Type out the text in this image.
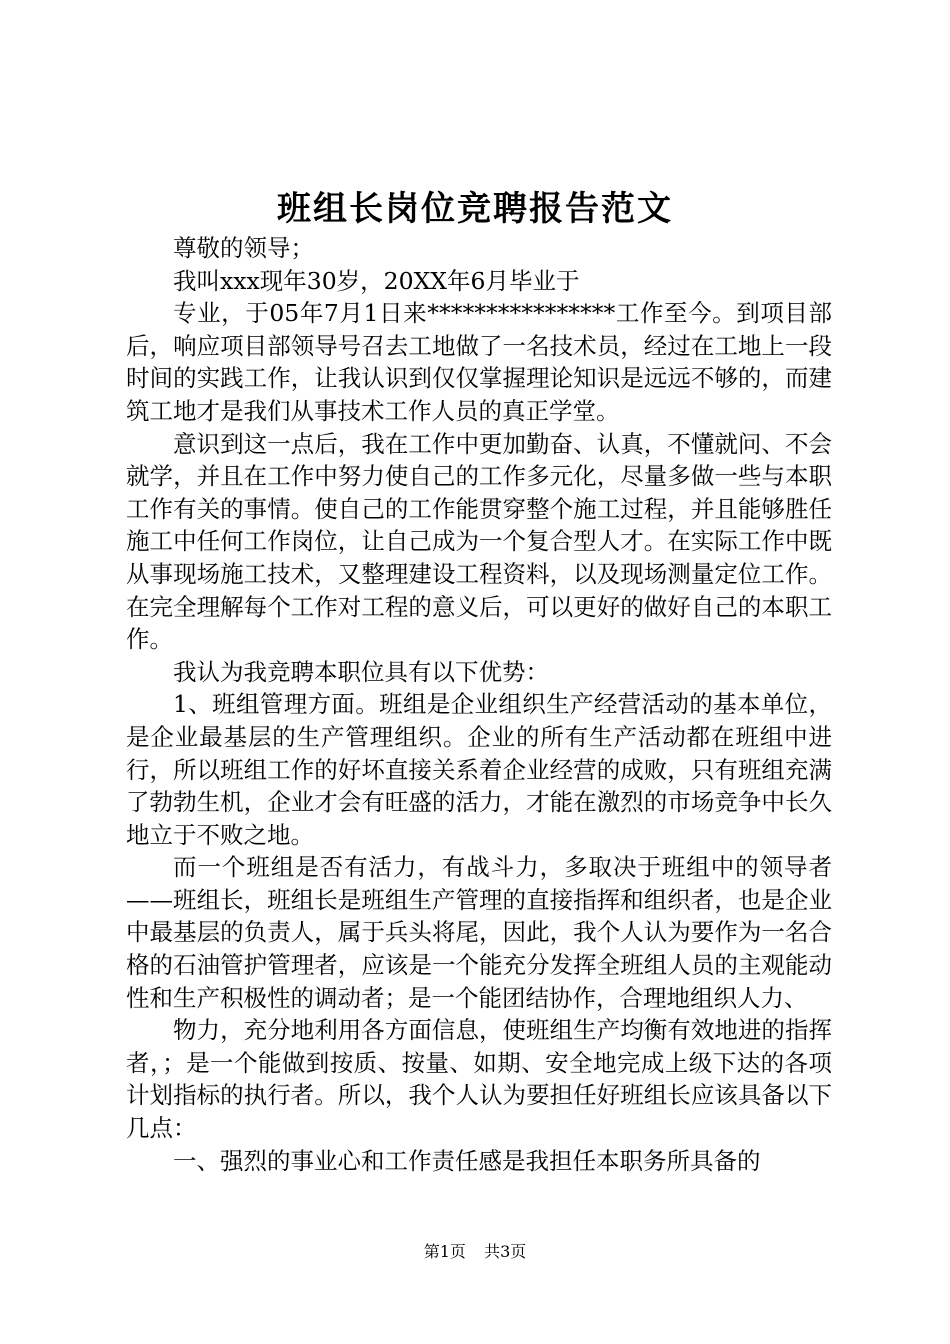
班组长岗位竞聘报告范文

尊敬的领导；

我叫xxx现年30岁，20XX年6月毕业于

专业，于05年7月1日来****************工作至今。到项目部后，响应项目部领导号召去工地做了一名技术员，经过在工地上一段时间的实践工作，让我认识到仅仅掌握理论知识是远远不够的，而建筑工地才是我们从事技术工作人员的真正学堂。

意识到这一点后，我在工作中更加勤奋、认真，不懂就问、不会就学，并且在工作中努力使自己的工作多元化，尽量多做一些与本职工作有关的事情。使自己的工作能贯穿整个施工过程，并且能够胜任施工中任何工作岗位，让自己成为一个复合型人才。在实际工作中既从事现场施工技术，又整理建设工程资料，以及现场测量定位工作。在完全理解每个工作对工程的意义后，可以更好的做好自己的本职工作。

我认为我竞聘本职位具有以下优势：

1、班组管理方面。班组是企业组织生产经营活动的基本单位，是企业最基层的生产管理组织。企业的所有生产活动都在班组中进行，所以班组工作的好坏直接关系着企业经营的成败，只有班组充满了勃勃生机，企业才会有旺盛的活力，才能在激烈的市场竞争中长久地立于不败之地。

而一个班组是否有活力，有战斗力，多取决于班组中的领导者——班组长，班组长是班组生产管理的直接指挥和组织者，也是企业中最基层的负责人，属于兵头将尾，因此，我个人认为要作为一名合格的石油管护管理者，应该是一个能充分发挥全班组人员的主观能动性和生产积极性的调动者；是一个能团结协作，合理地组织人力、

物力，充分地利用各方面信息，使班组生产均衡有效地进的指挥者，；是一个能做到按质、按量、如期、安全地完成上级下达的各项计划指标的执行者。所以，我个人认为要担任好班组长应该具备以下几点：

一、强烈的事业心和工作责任感是我担任本职务所具备的

第1页 共3页
